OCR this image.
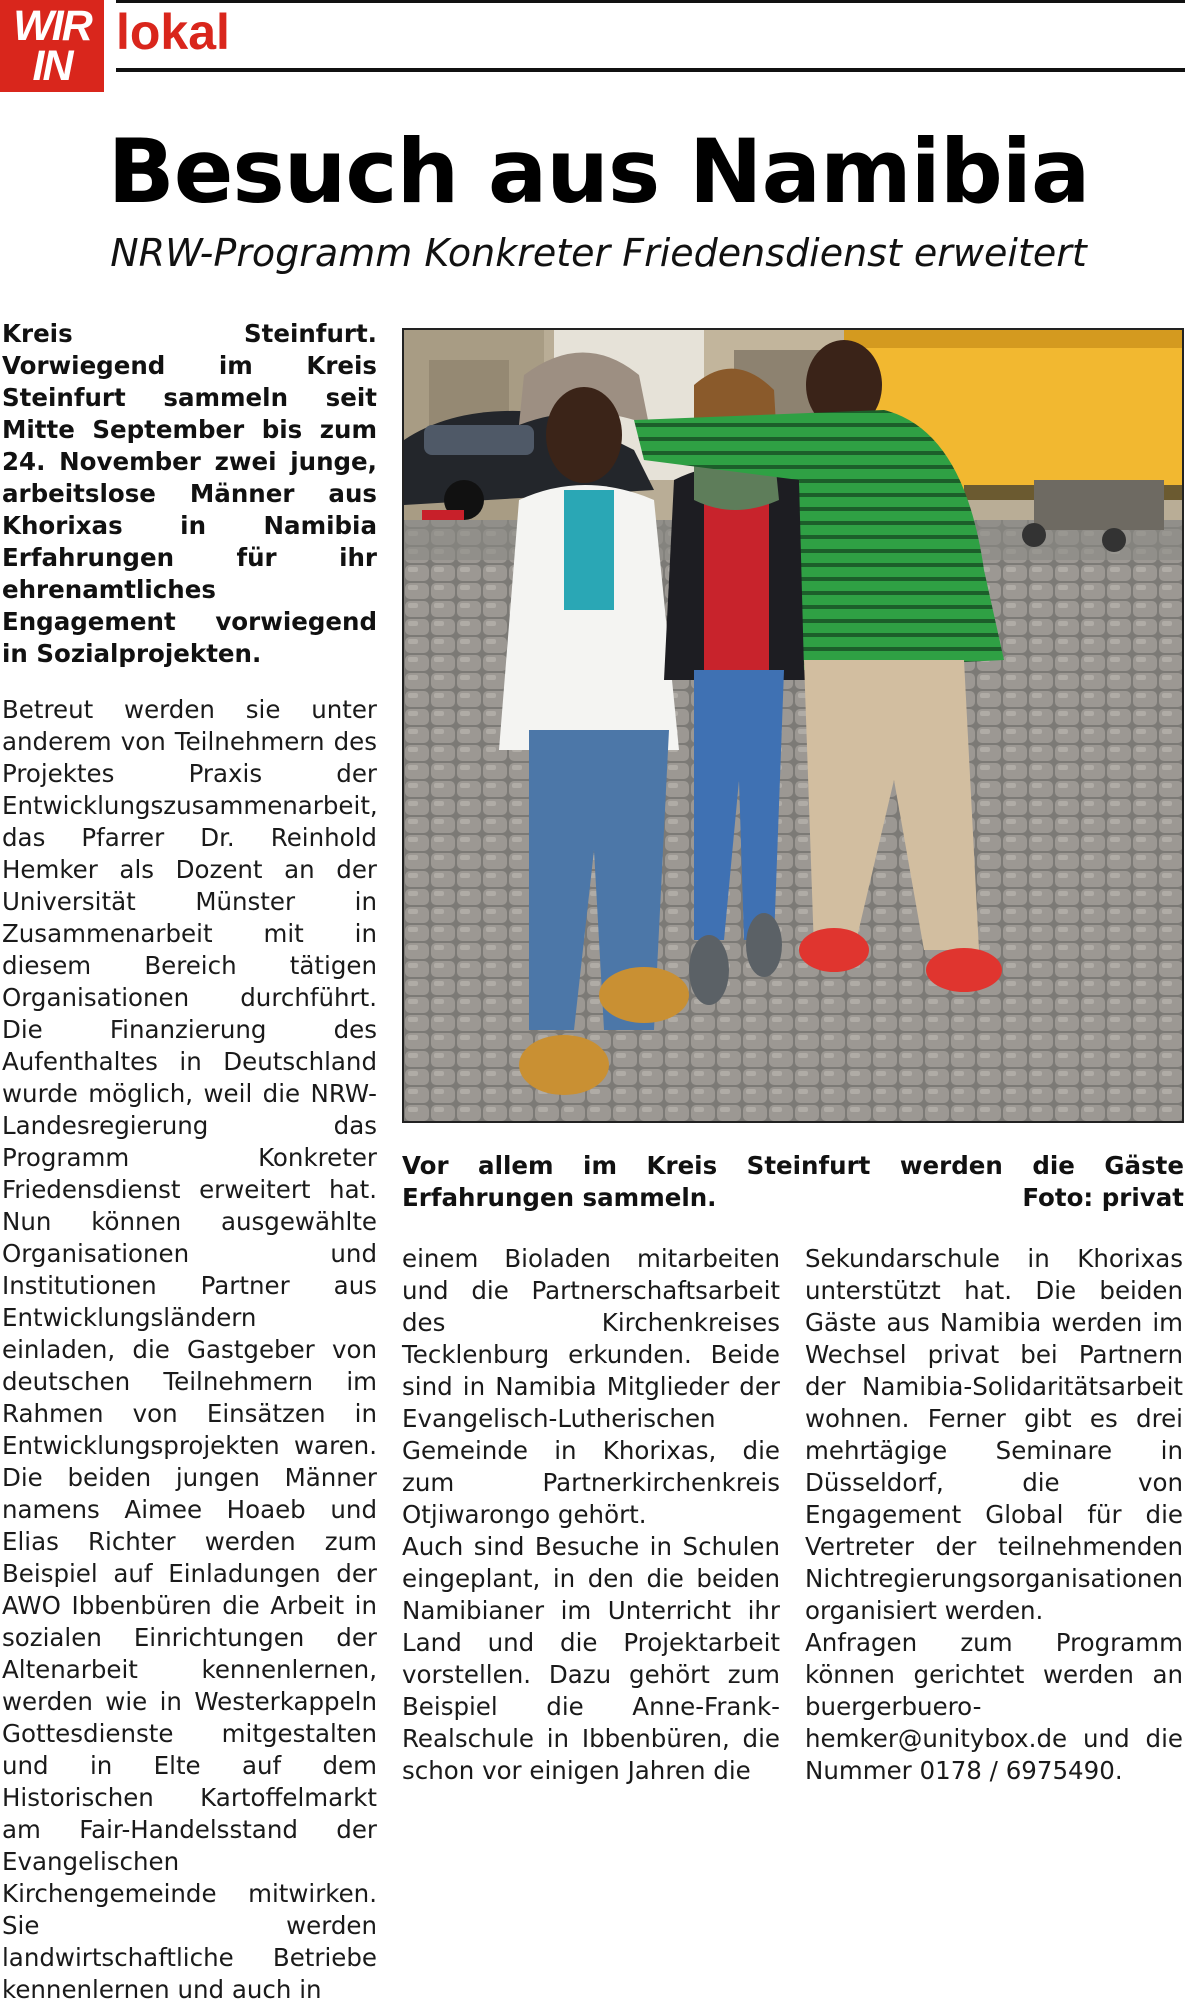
WIR
IN
lokal
Besuch aus Namibia
NRW-Programm Konkreter Friedensdienst erweitert

Kreis Steinfurt. Vorwiegend im Kreis Steinfurt sammeln seit Mitte September bis zum 24. November zwei junge, arbeitslose Männer aus Khorixas in Namibia Erfahrungen für ihr ehrenamtliches Engagement vorwiegend in Sozialprojekten.

Betreut werden sie unter anderem von Teilnehmern des Projektes Praxis der Entwicklungszusammenarbeit, das Pfarrer Dr. Reinhold Hemker als Dozent an der Universität Münster in Zusammenarbeit mit in diesem Bereich tätigen Organisationen durchführt. Die Finanzierung des Aufenthaltes in Deutschland wurde möglich, weil die NRW-Landesregierung das Programm Konkreter Friedensdienst erweitert hat. Nun können ausgewählte Organisationen und Institutionen Partner aus Entwicklungsländern einladen, die Gastgeber von deutschen Teilnehmern im Rahmen von Einsätzen in Entwicklungsprojekten waren. Die beiden jungen Männer namens Aimee Hoaeb und Elias Richter werden zum Beispiel auf Einladungen der AWO Ibbenbüren die Arbeit in sozialen Einrichtungen der Altenarbeit kennenlernen, werden wie in Westerkappeln Gottesdienste mitgestalten und in Elte auf dem Historischen Kartoffelmarkt am Fair-Handelsstand der Evangelischen Kirchengemeinde mitwirken. Sie werden landwirtschaftliche Betriebe kennenlernen und auch in

Vor allem im Kreis Steinfurt werden die Gäste Erfahrungen sammeln.	Foto: privat

einem Bioladen mitarbeiten und die Partnerschaftsarbeit des Kirchenkreises Tecklenburg erkunden. Beide sind in Namibia Mitglieder der Evangelisch-Lutherischen Gemeinde in Khorixas, die zum Partnerkirchenkreis Otjiwarongo gehört.

Auch sind Besuche in Schulen eingeplant, in den die beiden Namibianer im Unterricht ihr Land und die Projektarbeit vorstellen. Dazu gehört zum Beispiel die Anne-Frank-Realschule in Ibbenbüren, die schon vor einigen Jahren die

Sekundarschule in Khorixas unterstützt hat. Die beiden Gäste aus Namibia werden im Wechsel privat bei Partnern der Namibia-Solidaritätsarbeit wohnen. Ferner gibt es drei mehrtägige Seminare in Düsseldorf, die von Engagement Global für die Vertreter der teilnehmenden Nichtregierungsorganisationen organisiert werden.

Anfragen zum Programm können gerichtet werden an buergerbuero-hemker@unitybox.de und die Nummer 0178 / 6975490.
